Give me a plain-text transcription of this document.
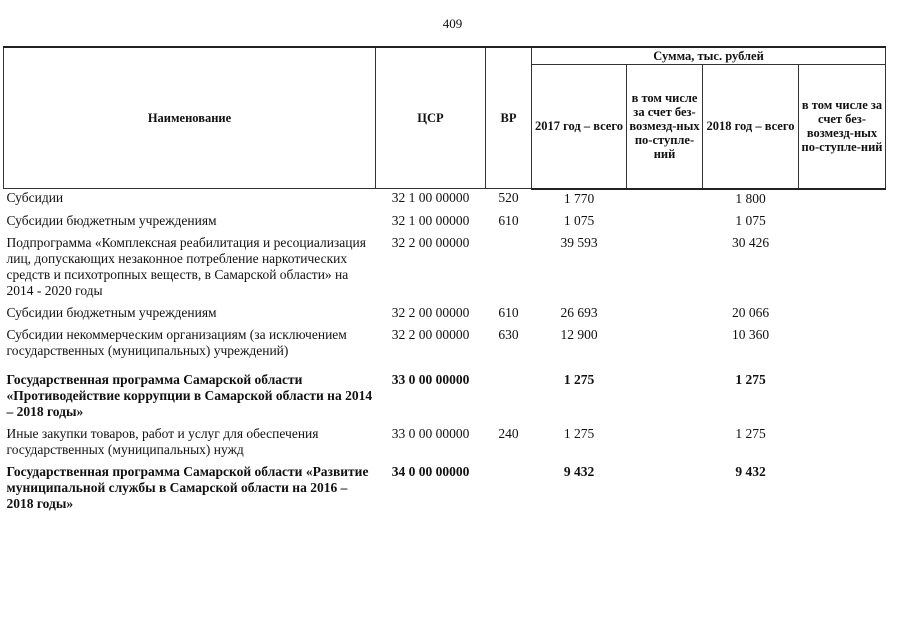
409
Наименование	ЦСР	ВР	Сумма, тыс. рублей			
			2017 год – всего	в том числе за счет без-возмезд-ных по-ступле-ний	2018 год – всего	в том числе за счет без-возмезд-ных по-ступле-ний
Субсидии	32 1 00 00000	520	1 770		1 800	
Субсидии бюджетным учреждениям	32 1 00 00000	610	1 075		1 075	
Подпрограмма «Комплексная реабилитация и ресоциализация лиц, допускающих незаконное потребление наркотических средств и психотропных веществ, в Самарской области» на 2014 - 2020 годы	32 2 00 00000		39 593		30 426	
Субсидии бюджетным учреждениям	32 2 00 00000	610	26 693		20 066	
Субсидии некоммерческим организациям (за исключением государственных (муниципальных) учреждений)	32 2 00 00000	630	12 900		10 360	
Государственная программа Самарской области «Противодействие коррупции в Самарской области на 2014 – 2018 годы»	33 0 00 00000		1 275		1 275	
Иные закупки товаров, работ и услуг для обеспечения государственных (муниципальных) нужд	33 0 00 00000	240	1 275		1 275	
Государственная программа Самарской области «Развитие муниципальной службы в Самарской области на 2016 – 2018 годы»	34 0 00 00000		9 432		9 432	
